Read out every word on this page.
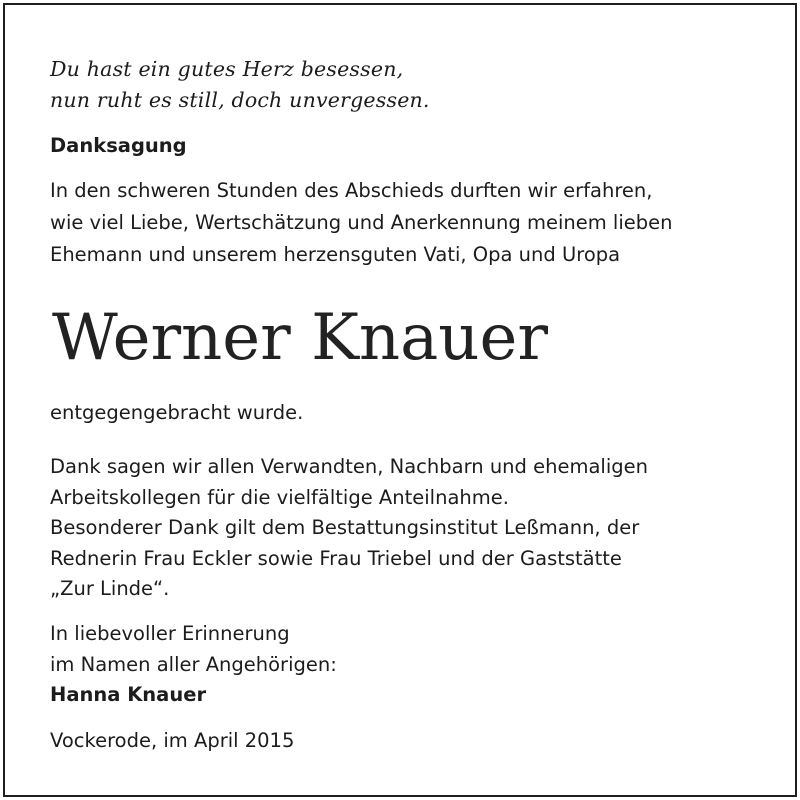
Du hast ein gutes Herz besessen,
nun ruht es still, doch unvergessen.
Danksagung
In den schweren Stunden des Abschieds durften wir erfahren,
wie viel Liebe, Wertschätzung und Anerkennung meinem lieben
Ehemann und unserem herzensguten Vati, Opa und Uropa
Werner Knauer
entgegengebracht wurde.
Dank sagen wir allen Verwandten, Nachbarn und ehemaligen
Arbeitskollegen für die vielfältige Anteilnahme.
Besonderer Dank gilt dem Bestattungsinstitut Leßmann, der
Rednerin Frau Eckler sowie Frau Triebel und der Gaststätte
„Zur Linde“.
In liebevoller Erinnerung
im Namen aller Angehörigen:
Hanna Knauer
Vockerode, im April 2015
